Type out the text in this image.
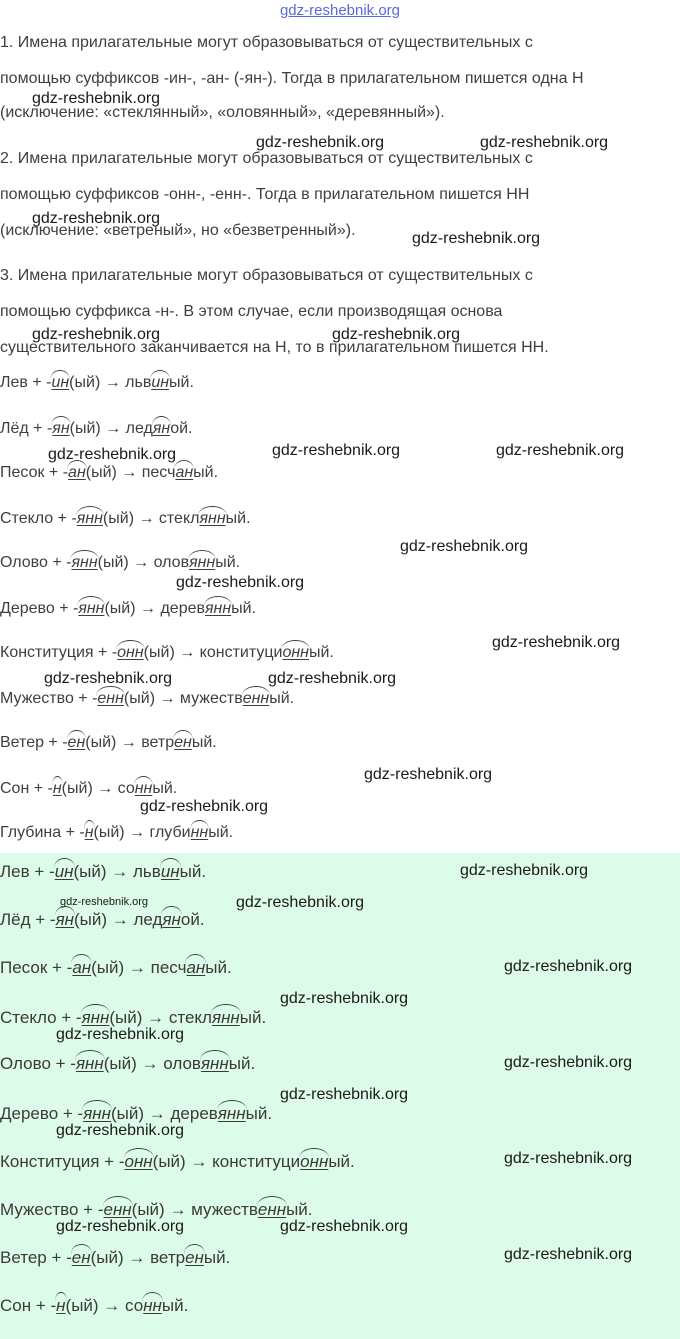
gdz-reshebnik.org
1. Имена прилагательные могут образовываться от существительных с
помощью суффиксов -ин-, -ан- (-ян-). Тогда в прилагательном пишется одна Н
(исключение: «стеклянный», «оловянный», «деревянный»).
2. Имена прилагательные могут образовываться от существительных с
помощью суффиксов -онн-, -енн-. Тогда в прилагательном пишется НН
(исключение: «ветреный», но «безветренный»).
3. Имена прилагательные могут образовываться от существительных с
помощью суффикса -н-. В этом случае, если производящая основа
существительного заканчивается на Н, то в прилагательном пишется НН.
Лев + -ин(ый) → львиный.
Лёд + -ян(ый) → ледяной.
Песок + -ан(ый) → песчаный.
Стекло + -янн(ый) → стеклянный.
Олово + -янн(ый) → оловянный.
Дерево + -янн(ый) → деревянный.
Конституция + -онн(ый) → конституционный.
Мужество + -енн(ый) → мужественный.
Ветер + -ен(ый) → ветреный.
Сон + -н(ый) → сонный.
Глубина + -н(ый) → глубинный.
Лев + -ин(ый) → львиный.
Лёд + -ян(ый) → ледяной.
Песок + -ан(ый) → песчаный.
Стекло + -янн(ый) → стеклянный.
Олово + -янн(ый) → оловянный.
Дерево + -янн(ый) → деревянный.
Конституция + -онн(ый) → конституционный.
Мужество + -енн(ый) → мужественный.
Ветер + -ен(ый) → ветреный.
Сон + -н(ый) → сонный.
gdz-reshebnik.org
gdz-reshebnik.org	gdz-reshebnik.org
gdz-reshebnik.org
gdz-reshebnik.org
gdz-reshebnik.org	gdz-reshebnik.org
gdz-reshebnik.org	gdz-reshebnik.org	gdz-reshebnik.org
gdz-reshebnik.org
gdz-reshebnik.org
gdz-reshebnik.org
gdz-reshebnik.org	gdz-reshebnik.org
gdz-reshebnik.org
gdz-reshebnik.org
gdz-reshebnik.org
gdz-reshebnik.org	gdz-reshebnik.org
gdz-reshebnik.org
gdz-reshebnik.org
gdz-reshebnik.org
gdz-reshebnik.org
gdz-reshebnik.org
gdz-reshebnik.org
gdz-reshebnik.org
gdz-reshebnik.org	gdz-reshebnik.org
gdz-reshebnik.org
